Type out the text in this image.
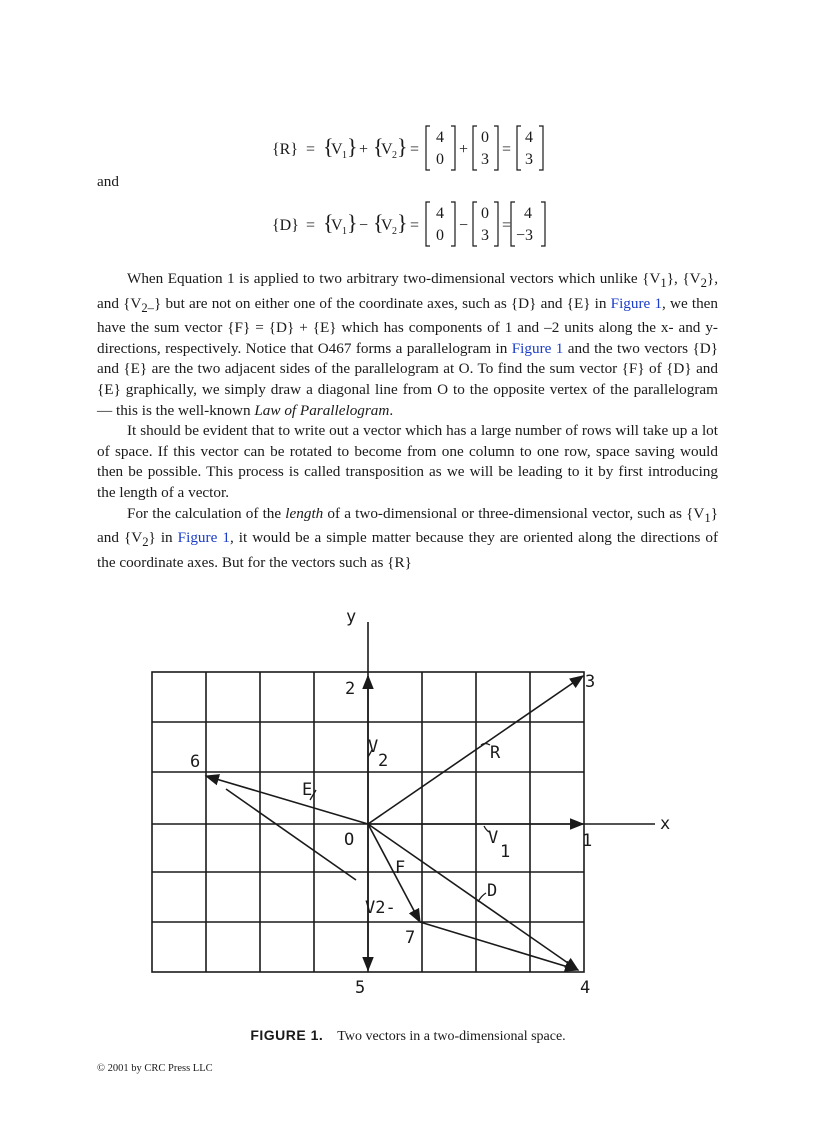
{R} = {
V 1 } + {
V 2 } =
4
0
+
0
3
=
4
3
and
{D} = {
V 1 } − {
V 2 } =
4
0
−
0
3
=
4
−3

When Equation 1 is applied to two arbitrary two-dimensional vectors which unlike $\{V_1\}$, $\{V_2\}$, and $\{V_{2-}\}$ but are not on either one of the coordinate axes, such as {D} and {E} in Figure 1, we then have the sum vector {F} = {D} + {E} which has components of 1 and –2 units along the x- and y-directions, respectively. Notice that O467 forms a parallelogram in Figure 1 and the two vectors {D} and {E} are the two adjacent sides of the parallelogram at O. To find the sum vector {F} of {D} and {E} graphically, we simply draw a diagonal line from O to the opposite vertex of the parallelogram — this is the well-known Law of Parallelogram.

It should be evident that to write out a vector which has a large number of rows will take up a lot of space. If this vector can be rotated to become from one column to one row, space saving would then be possible. This process is called transposition as we will be leading to it by first introducing the length of a vector.

For the calculation of the length of a two-dimensional or three-dimensional vector, such as $\{V_1\}$ and $\{V_2\}$ in Figure 1, it would be a simple matter because they are oriented along the directions of the coordinate axes. But for the vectors such as {R}

y
x
2	3
6
1
5	4
7
O
V
2	R
E
V
1
F
D
V2-
FIGURE 1. Two vectors in a two-dimensional space.
© 2001 by CRC Press LLC
